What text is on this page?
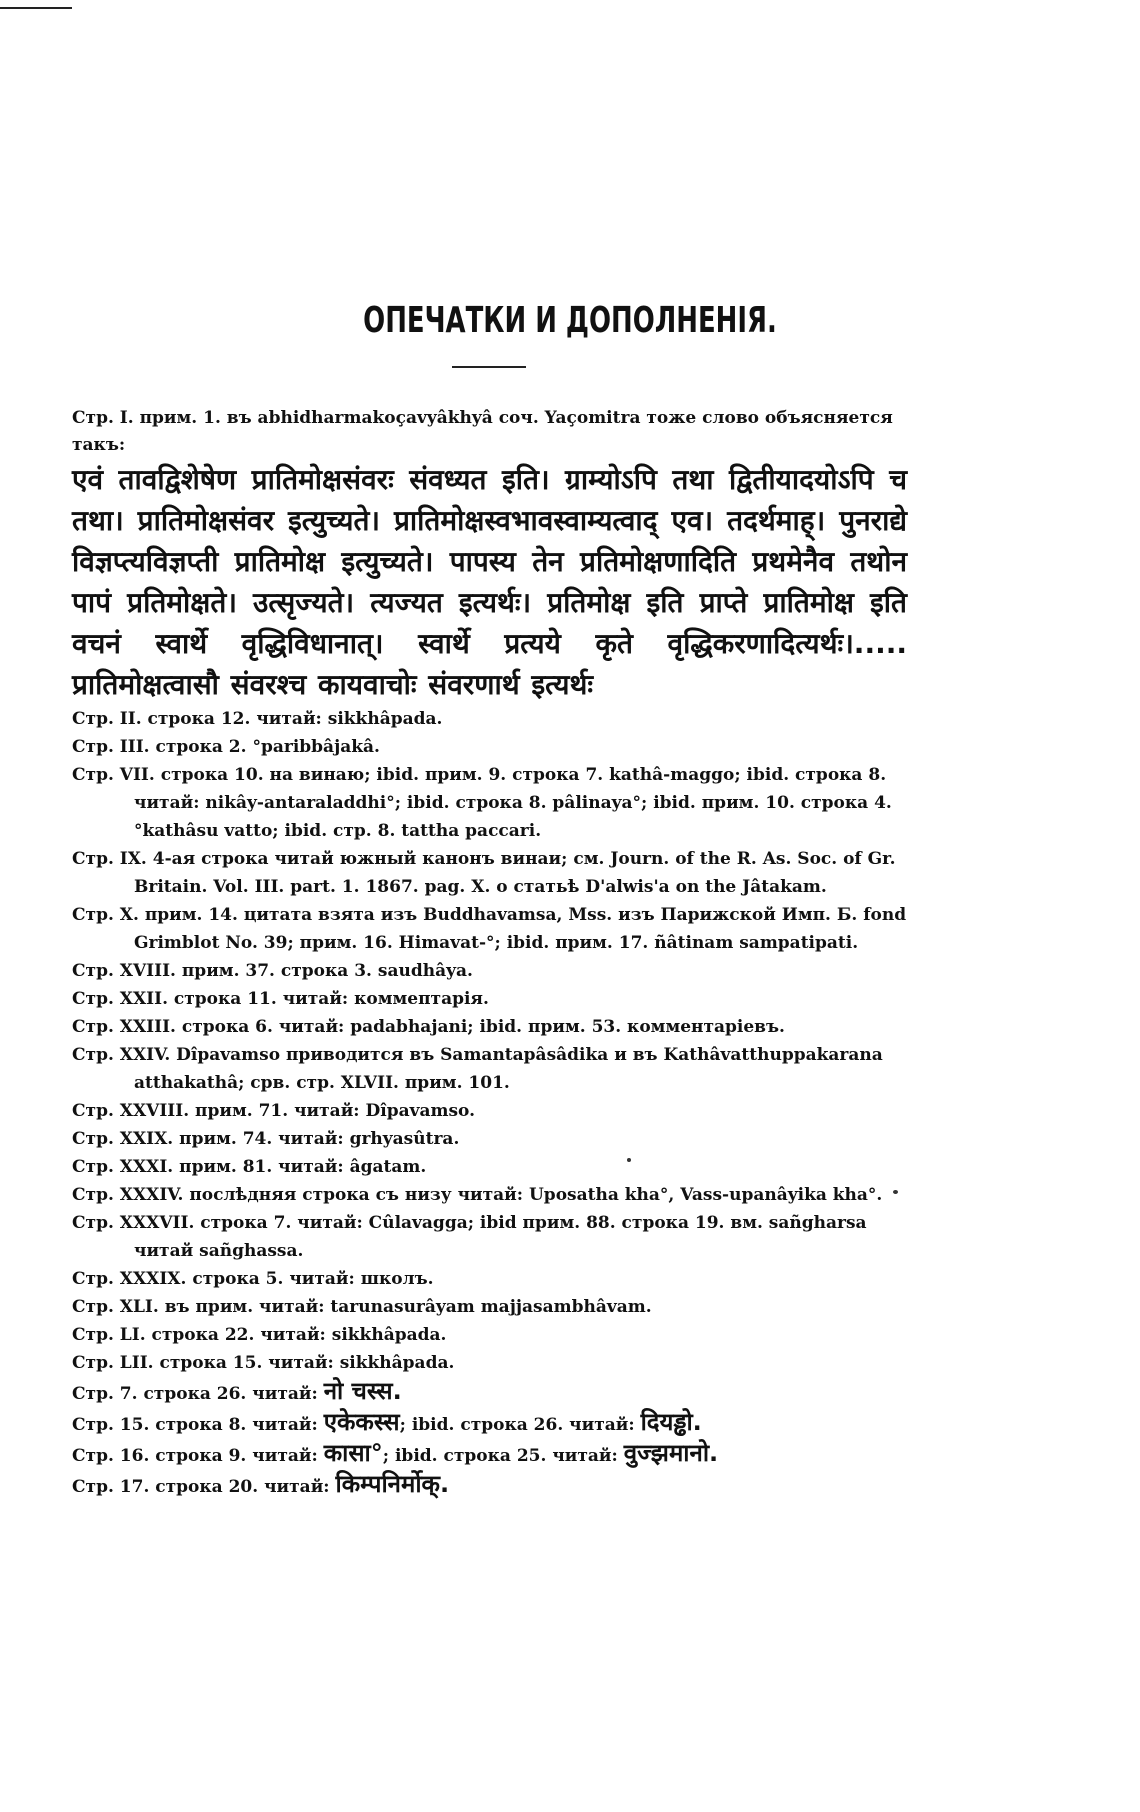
ОПЕЧАТКИ И ДОПОЛНЕНІЯ.

Стр. I. прим. 1. въ abhidharmakoçavyâkhyâ соч. Yaçomitra тоже слово объясняется такъ:

एवं तावद्विशेषेण प्रातिमोक्षसंवरः संवध्यत इति। ग्राम्योऽपि तथा द्वितीयादयोऽपि च तथा। प्रातिमोक्षसंवर इत्युच्यते। प्रातिमोक्षस्वभावस्वाम्यत्वाद् एव। तदर्थमाह्। पुनराद्ये विज्ञप्त्यविज्ञप्ती प्रातिमोक्ष इत्युच्यते। पापस्य तेन प्रतिमोक्षणादिति प्रथमेनैव तथोन पापं प्रतिमोक्षते। उत्सृज्यते। त्यज्यत इत्यर्थः। प्रतिमोक्ष इति प्राप्ते प्रातिमोक्ष इति वचनं स्वार्थे वृद्धिविधानात्। स्वार्थे प्रत्यये कृते वृद्धिकरणादित्यर्थः।..... प्रातिमोक्षत्वासौ संवरश्च कायवाचोः संवरणार्थ इत्यर्थः

Стр. II. строка 12. читай: sikkhâpada.

Стр. III. строка 2. °paribbâjakâ.

Стр. VII. строка 10. на винаю; ibid. прим. 9. строка 7. kathâ-maggo; ibid. строка 8. читай: nikây-antaraladdhi°; ibid. строка 8. pâlinaya°; ibid. прим. 10. строка 4. °kathâsu vatto; ibid. стр. 8. tattha paccari.

Стр. IX. 4-ая строка читай южный канонъ винаи; см. Journ. of the R. As. Soc. of Gr. Britain. Vol. III. part. 1. 1867. pag. X. о статьѣ D'alwis'a on the Jâtakam.

Стр. X. прим. 14. цитата взята изъ Buddhavamsa, Mss. изъ Парижской Имп. Б. fond Grimblot No. 39; прим. 16. Himavat-°; ibid. прим. 17. ñâtinam sampatipati.

Стр. XVIII. прим. 37. строка 3. saudhâya.

Стр. XXII. строка 11. читай: коммептарія.

Стр. XXIII. строка 6. читай: padabhajani; ibid. прим. 53. комментаріевъ.

Стр. XXIV. Dîpavamso приводится въ Samantapâsâdika и въ Kathâvatthuppakarana atthakathâ; срв. стр. XLVII. прим. 101.

Стр. XXVIII. прим. 71. читай: Dîpavamso.

Стр. XXIX. прим. 74. читай: grhyasûtra.

Стр. XXXI. прим. 81. читай: âgatam.

Стр. XXXIV. послѣдняя строка съ низу читай: Uposatha kha°, Vass-upanâyika kha°.

Стр. XXXVII. строка 7. читай: Cûlavagga; ibid прим. 88. строка 19. вм. sañgharsa читай sañghassa.

Стр. XXXIX. строка 5. читай: школъ.

Стр. XLI. въ прим. читай: tarunasurâyam majjasambhâvam.

Стр. LI. строка 22. читай: sikkhâpada.

Стр. LII. строка 15. читай: sikkhâpada.

Стр. 7. строка 26. читай: नो चस्स.

Стр. 15. строка 8. читай: एकेकस्स; ibid. строка 26. читай: दियड्ढो.

Стр. 16. строка 9. читай: कासा°; ibid. строка 25. читай: वुज्झमानो.

Стр. 17. строка 20. читай: किम्पनिर्मोक्.
